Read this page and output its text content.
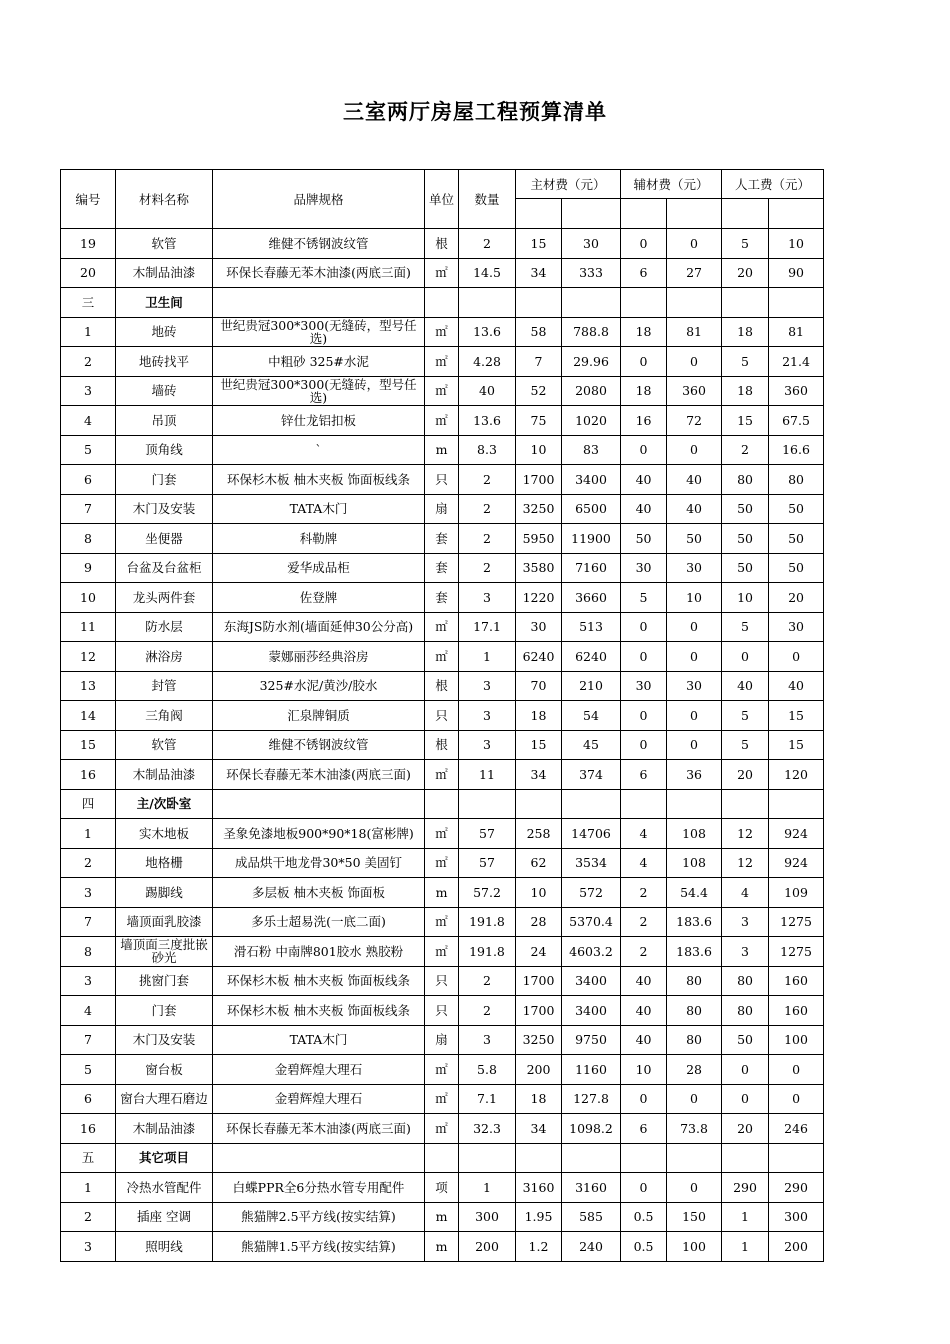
三室两厅房屋工程预算清单
编号	材料名称	品牌规格	单位	数量	主材费（元）		辅材费（元）		人工费（元）	

19	软管	维健不锈钢波纹管	根	2	15	30	0	0	5	10
20	木制品油漆	环保长春藤无苯木油漆(两底三面)	㎡	14.5	34	333	6	27	20	90
三	卫生间									
1	地砖	世纪贵冠300*300(无缝砖，型号任选)	㎡	13.6	58	788.8	18	81	18	81
2	地砖找平	中粗砂 325#水泥	㎡	4.28	7	29.96	0	0	5	21.4
3	墙砖	世纪贵冠300*300(无缝砖，型号任选)	㎡	40	52	2080	18	360	18	360
4	吊顶	锌仕龙铝扣板	㎡	13.6	75	1020	16	72	15	67.5
5	顶角线	`	m	8.3	10	83	0	0	2	16.6
6	门套	环保杉木板 柚木夹板 饰面板线条	只	2	1700	3400	40	40	80	80
7	木门及安装	TATA木门	扇	2	3250	6500	40	40	50	50
8	坐便器	科勒牌	套	2	5950	11900	50	50	50	50
9	台盆及台盆柜	爱华成品柜	套	2	3580	7160	30	30	50	50
10	龙头两件套	佐登牌	套	3	1220	3660	5	10	10	20
11	防水层	东海JS防水剂(墙面延伸30公分高)	㎡	17.1	30	513	0	0	5	30
12	淋浴房	蒙娜丽莎经典浴房	㎡	1	6240	6240	0	0	0	0
13	封管	325#水泥/黄沙/胶水	根	3	70	210	30	30	40	40
14	三角阀	汇泉牌铜质	只	3	18	54	0	0	5	15
15	软管	维健不锈钢波纹管	根	3	15	45	0	0	5	15
16	木制品油漆	环保长春藤无苯木油漆(两底三面)	㎡	11	34	374	6	36	20	120
四	主/次卧室									
1	实木地板	圣象免漆地板900*90*18(富彬牌)	㎡	57	258	14706	4	108	12	924
2	地格栅	成品烘干地龙骨30*50 美固钉	㎡	57	62	3534	4	108	12	924
3	踢脚线	多层板 柚木夹板 饰面板	m	57.2	10	572	2	54.4	4	109
7	墙顶面乳胶漆	多乐士超易洗(一底二面)	㎡	191.8	28	5370.4	2	183.6	3	1275
8	墙顶面三度批嵌 砂光	滑石粉 中南牌801胶水 熟胶粉	㎡	191.8	24	4603.2	2	183.6	3	1275
3	挑窗门套	环保杉木板 柚木夹板 饰面板线条	只	2	1700	3400	40	80	80	160
4	门套	环保杉木板 柚木夹板 饰面板线条	只	2	1700	3400	40	80	80	160
7	木门及安装	TATA木门	扇	3	3250	9750	40	80	50	100
5	窗台板	金碧辉煌大理石	㎡	5.8	200	1160	10	28	0	0
6	窗台大理石磨边	金碧辉煌大理石	㎡	7.1	18	127.8	0	0	0	0
16	木制品油漆	环保长春藤无苯木油漆(两底三面)	㎡	32.3	34	1098.2	6	73.8	20	246
五	其它项目									
1	冷热水管配件	白蝶PPR全6分热水管专用配件	项	1	3160	3160	0	0	290	290
2	插座 空调	熊猫牌2.5平方线(按实结算)	m	300	1.95	585	0.5	150	1	300
3	照明线	熊猫牌1.5平方线(按实结算)	m	200	1.2	240	0.5	100	1	200
